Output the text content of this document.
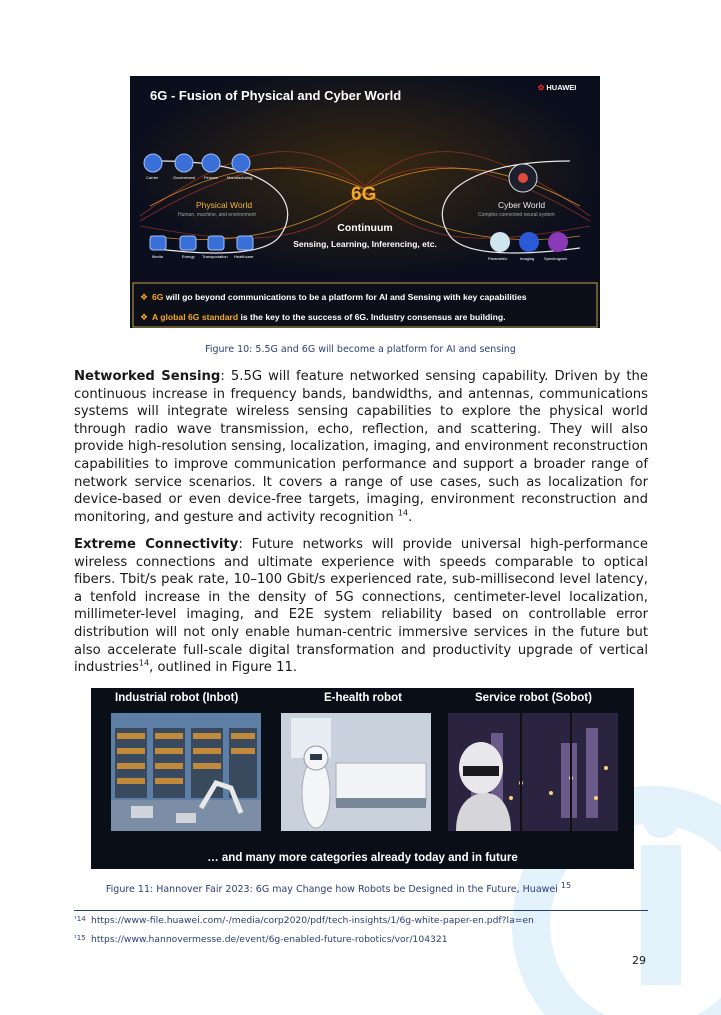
❖
❖
6G - Fusion of Physical and Cyber World
✿ HUAWEI
6G
Continuum
Sensing, Learning, Inferencing, etc.
Physical World
Human, machine, and environment
Cyber World
Complex connected neural system
Carrier	Government Finance Manufacturing
Media	Energy Transportation Healthcare	Parametric	Imaging Spectrogram
6G will go beyond communications to be a platform for AI and Sensing with key capabilities
A global 6G standard is the key to the success of 6G. Industry consensus are building.
Figure 10: 5.5G and 6G will become a platform for AI and sensing
Networked Sensing: 5.5G will feature networked sensing capability. Driven by the continuous increase in frequency bands, bandwidths, and antennas, communications systems will integrate wireless sensing capabilities to explore the physical world through radio wave transmission, echo, reflection, and scattering. They will also provide high-resolution sensing, localization, imaging, and environment reconstruction capabilities to improve communication performance and support a broader range of network service scenarios. It covers a range of use cases, such as localization for device-based or even device-free targets, imaging, environment reconstruction and monitoring, and gesture and activity recognition $^{14}$.
Extreme Connectivity: Future networks will provide universal high-performance wireless connections and ultimate experience with speeds comparable to optical fibers. Tbit/s peak rate, 10–100 Gbit/s experienced rate, sub-millisecond level latency, a tenfold increase in the density of 5G connections, centimeter-level localization, millimeter-level imaging, and E2E system reliability based on controllable error distribution will not only enable human-centric immersive services in the future but also accelerate full-scale digital transformation and productivity upgrade of vertical industries$^{14}$, outlined in Figure 11.
Industrial robot (Inbot)	E-health robot	Service robot (Sobot)
… and many more categories already today and in future
Figure 11: Hannover Fair 2023: 6G may Change how Robots be Designed in the Future, Huawei $^{15}$
¹14 https://www-file.huawei.com/-/media/corp2020/pdf/tech-insights/1/6g-white-paper-en.pdf?la=en
¹15 https://www.hannovermesse.de/event/6g-enabled-future-robotics/vor/104321
29
